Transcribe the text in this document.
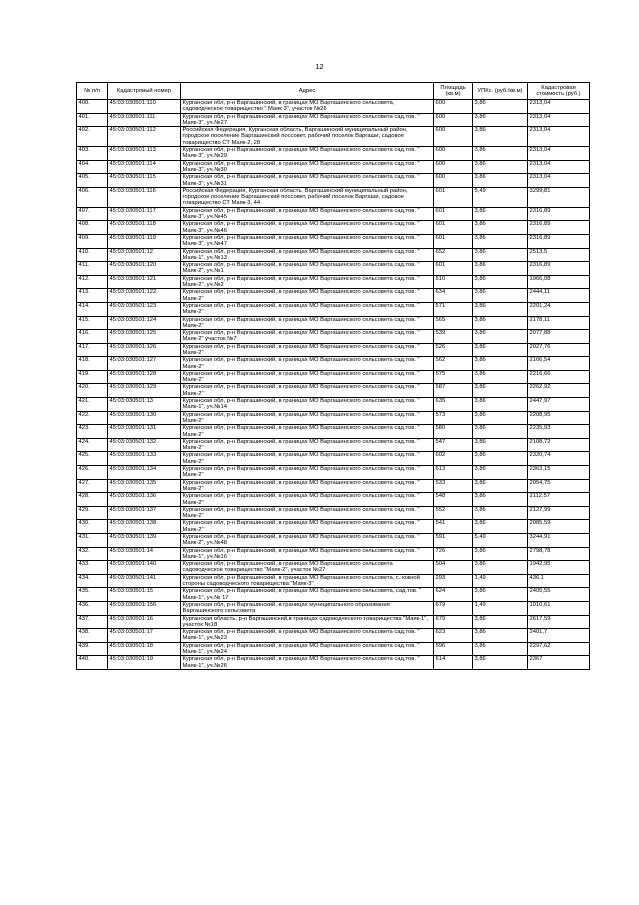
12
№ п/п	Кадастровый номер	Адрес	Площадь (кв.м)	УПКс. (руб./кв.м)	Кадастровая стоимость (руб.)
400.	45:03:030501:110	Курганская обл, р-н Варгашинский, в границах МО Варгашинского сельсовета, садоводческое товарищество " Маяк 3", участок №26	600	3,86	2313,04
401.	45:03:030501:111	Курганская обл, р-н Варгашинский, в границах МО Варгашинского сельсовета сад.тов. " Маяк-3", уч.№27	600	3,86	2313,04
402.	45:03:030501:112	Российская Федерация, Курганская область, Варгашинский муниципальный район, городское поселение Варгашинский поссовет, рабочий поселок Варгаши, садовое товарищество СТ Маяк-2, 28	600	3,86	2313,04
403.	45:03:030501:113	Курганская обл, р-н Варгашинский, в границах МО Варгашинского сельсовета сад.тов. " Маяк-3", уч.№29	600	3,86	2313,04
404.	45:03:030501:114	Курганская обл, р-н Варгашинский, в границах МО Варгашинского сельсовета сад.тов. " Маяк-3", уч.№30	600	3,86	2313,04
405.	45:03:030501:115	Курганская обл, р-н Варгашинский, в границах МО Варгашинского сельсовета сад.тов. " Маяк-3", уч.№31	600	3,86	2313,04
406.	45:03:030501:116	Российская Федерация, Курганская область, Варгашинский муниципальный район, городское поселение Варгашинский поссовет, рабочий поселок Варгаши, садовое товарищество СТ Маяк-3, 44	601	5,49	3299,81
407.	45:03:030501:117	Курганская обл, р-н Варгашинский, в границах МО Варгашинского сельсовета сад.тов. " Маяк-3", уч.№45	601	3,86	2316,89
408.	45:03:030501:118	Курганская обл, р-н Варгашинский, в границах МО Варгашинского сельсовета сад.тов. " Маяк-3", уч.№46	601	3,86	2316,89
409.	45:03:030501:119	Курганская обл, р-н Варгашинский, в границах МО Варгашинского сельсовета сад.тов. " Маяк-3", уч.№47	601	3,86	2316,89
410.	45:03:030501:12	Курганская обл, р-н Варгашинский, в границах МО Варгашинского сельсовета сад.тов. " Маяк-1", уч.№13	652	3,86	2513,5
411.	45:03:030501:120	Курганская обл, р-н Варгашинский, в границах МО Варгашинского сельсовета сад.тов. " Маяк-2", уч.№1	601	3,86	2316,89
412.	45:03:030501:121	Курганская обл, р-н Варгашинский, в границах МО Варгашинского сельсовета сад.тов. " Маяк-2", уч.№2	510	3,86	1966,08
413.	45:03:030501:122	Курганская обл, р-н Варгашинский, в границах МО Варгашинского сельсовета сад.тов. " Маяк-2"	634	3,86	2444,11
414.	45:03:030501:123	Курганская обл, р-н Варгашинский, в границах МО Варгашинского сельсовета сад.тов. " Маяк-2"	571	3,86	2201,24
415.	45:03:030501:124	Курганская обл, р-н Варгашинский, в границах МО Варгашинского сельсовета сад.тов. " Маяк-2"	565	3,86	2178,11
416.	45:03:030501:125	Курганская обл, р-н Варгашинский, в границах МО Варгашинского сельсовета сад.тов. " Маяк-2" участок №7	539	3,86	2077,88
417.	45:03:030501:126	Курганская обл, р-н Варгашинский, в границах МО Варгашинского сельсовета сад.тов. " Маяк-2"	526	3,86	2027,76
418.	45:03:030501:127	Курганская обл, р-н Варгашинский, в границах МО Варгашинского сельсовета сад.тов. " Маяк-2"	562	3,86	2166,54
419.	45:03:030501:128	Курганская обл, р-н Варгашинский, в границах МО Варгашинского сельсовета сад.тов. " Маяк-2"	575	3,86	2216,66
420.	45:03:030501:129	Курганская обл, р-н Варгашинский, в границах МО Варгашинского сельсовета сад.тов. " Маяк-2"	587	3,86	2262,92
421.	45:03:030501:13	Курганская обл, р-н Варгашинский, в границах МО Варгашинского сельсовета сад.тов. " Маяк-1", уч.№14	635	3,86	2447,97
422.	45:03:030501:130	Курганская обл, р-н Варгашинский, в границах МО Варгашинского сельсовета сад.тов. " Маяк-2"	573	3,86	2208,95
423.	45:03:030501:131	Курганская обл, р-н Варгашинский, в границах МО Варгашинского сельсовета сад.тов. " Маяк-2"	580	3,86	2235,93
424.	45:03:030501:132	Курганская обл, р-н Варгашинский, в границах МО Варгашинского сельсовета сад.тов. " Маяк-2"	547	3,86	2108,72
425.	45:03:030501:133	Курганская обл, р-н Варгашинский, в границах МО Варгашинского сельсовета сад.тов. " Маяк-2"	602	3,86	2320,74
426.	45:03:030501:134	Курганская обл, р-н Варгашинский, в границах МО Варгашинского сельсовета сад.тов. " Маяк-2"	613	3,86	2363,15
427.	45:03:030501:135	Курганская обл, р-н Варгашинский, в границах МО Варгашинского сельсовета сад.тов. " Маяк-2"	533	3,86	2054,75
428.	45:03:030501:136	Курганская обл, р-н Варгашинский, в границах МО Варгашинского сельсовета сад.тов. " Маяк-2"	548	3,86	2112,57
429.	45:03:030501:137	Курганская обл, р-н Варгашинский, в границах МО Варгашинского сельсовета сад.тов. " Маяк-2"	552	3,86	2127,99
430.	45:03:030501:138	Курганская обл, р-н Варгашинский, в границах МО Варгашинского сельсовета сад.тов. " Маяк-2"	541	3,86	2085,59
431.	45:03:030501:139	Курганская обл, р-н Варгашинский, в границах МО Варгашинского сельсовета сад.тов. " Маяк-2", уч.№48	591	5,49	3244,91
432.	45:03:030501:14	Курганская обл, р-н Варгашинский, в границах МО Варгашинского сельсовета сад.тов. " Маяк-1", уч.№16	726	3,86	2798,78
433.	45:03:030501:140	Курганская обл, р-н Варгашинский, в границах МО Варгашинского сельсовета садоводческое товарищество "Маяк-2", участок №27	504	3,86	1942,95
434.	45:03:030501:141	Курганская обл, р-н Варгашинский, в границах МО Варгашинского сельсовета, с. южной стороны садоводческого товарищества "Маяк-3"	293	1,49	436,1
435.	45:03:030501:15	Курганская обл, р-н Варгашинский, в границах МО Варгашинского сельсовета, сад.тов. " Маяк-1", уч.№ 17	624	3,86	2405,55
436.	45:03:030501:156	Курганская обл, р-н Варгашинский, в границах муниципального образования Варгашинского сельсовета	679	1,49	1010,61
437.	45:03:030501:16	Курганская область, р-н Варгашинский,в границах садоводческого товарищества "Маяк-1", участок №18	679	3,86	2617,59
438.	45:03:030501:17	Курганская обл, р-н Варгашинский, в границах МО Варгашинского сельсовета сад.тов. " Маяк-1", уч.№23	623	3,86	2401,7
439.	45:03:030501:18	Курганская обл, р-н Варгашинский, в границах МО Варгашинского сельсовета сад.тов. " Маяк-1", уч.№24	596	3,86	2297,62
440.	45:03:030501:19	Курганская обл, р-н Варгашинский, в границах МО Варгашинского сельсовета сад.тов. " Маяк-1", уч.№26	614	3,86	2367
